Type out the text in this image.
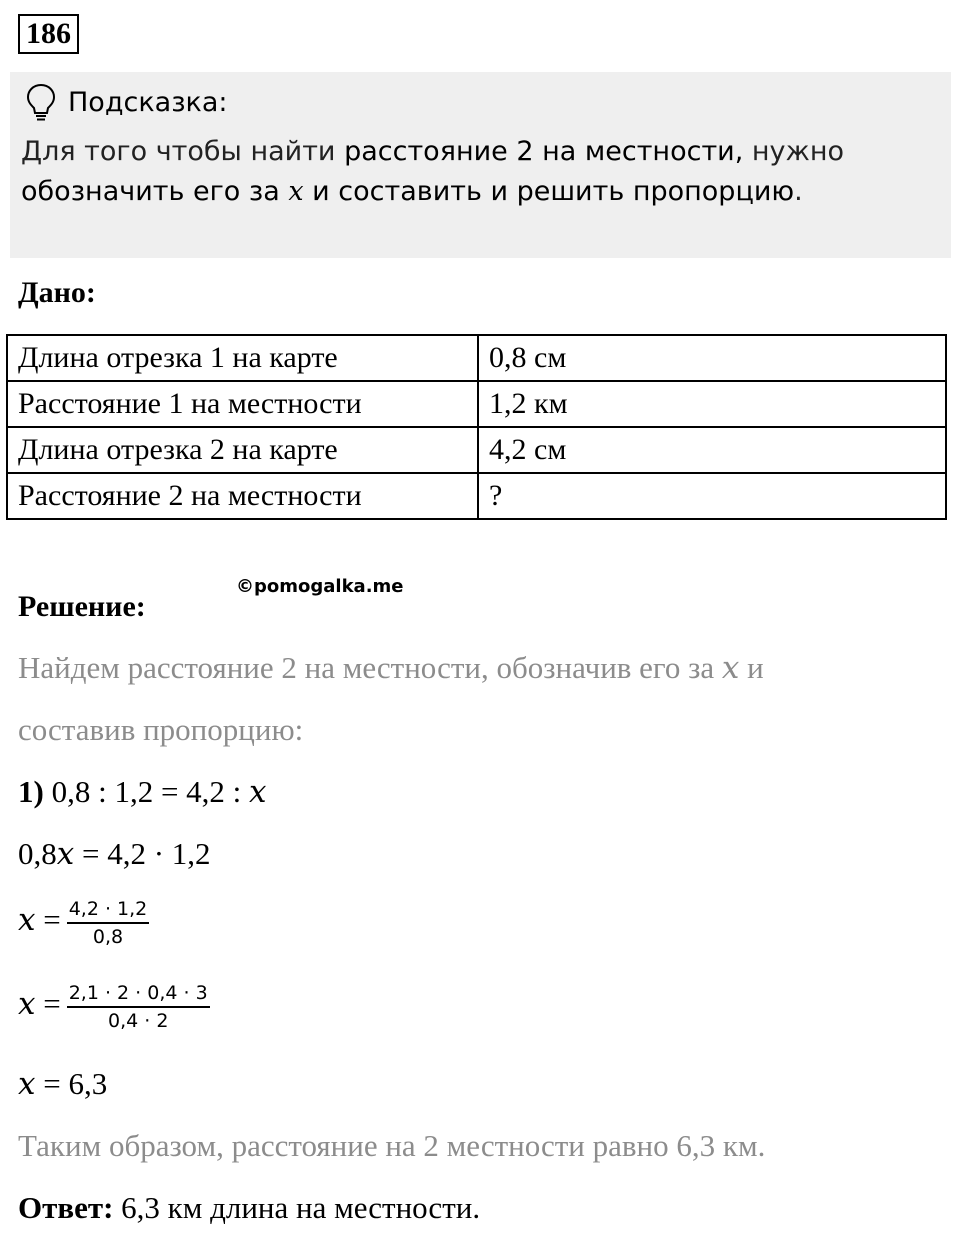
186
Подсказка:
Для того чтобы найти расстояние 2 на местности, нужно
обозначить его за x и составить и решить пропорцию.
Дано:
Длина отрезка 1 на карте	0,8 см
Расстояние 1 на местности	1,2 км
Длина отрезка 2 на карте	4,2 см
Расстояние 2 на местности	?
©pomogalka.me
Решение:
Найдем расстояние 2 на местности, обозначив его за x и
составив пропорцию:
1) 0,8 : 1,2 = 4,2 : x
0,8x = 4,2 · 1,2
$x = \frac{4,2 \cdot 1,2}{0,8}$
$x = \frac{2,1 \cdot 2 \cdot 0,4 \cdot 3}{0,4 \cdot 2}$
x = 6,3
Таким образом, расстояние на 2 местности равно 6,3 км.
Ответ: 6,3 км длина на местности.
